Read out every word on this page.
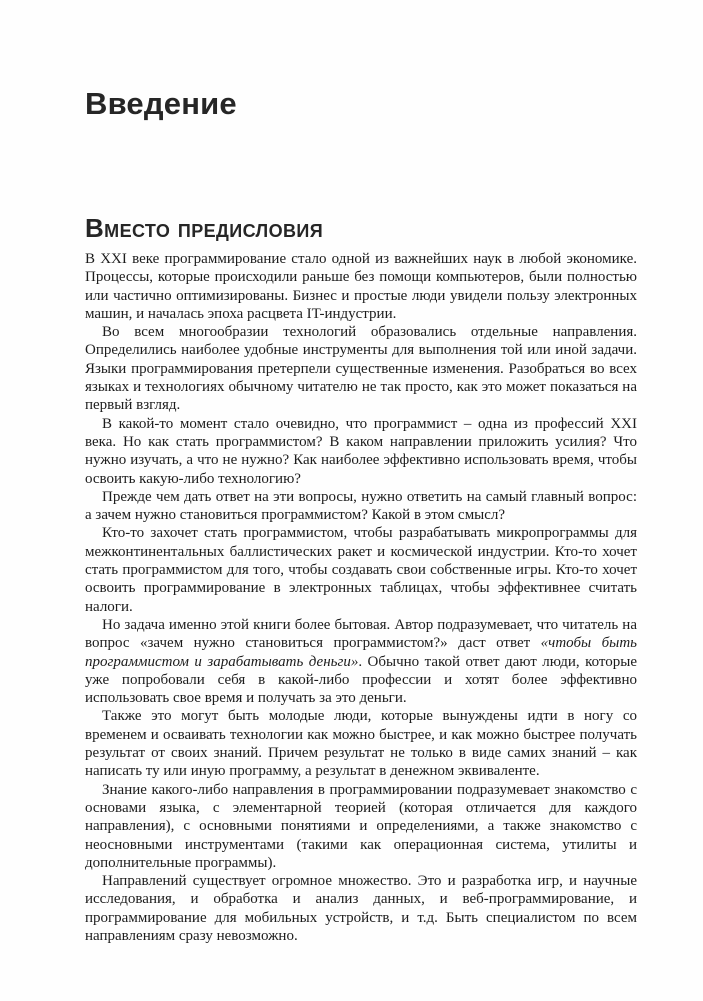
Введение
Вместо предисловия

В XXI веке программирование стало одной из важнейших наук в любой экономике. Процессы, которые происходили раньше без помощи компьютеров, были полностью или частично оптимизированы. Бизнес и простые люди увидели пользу электронных машин, и началась эпоха расцвета IT-индустрии.

Во всем многообразии технологий образовались отдельные направления. Определились наиболее удобные инструменты для выполнения той или иной задачи. Языки программирования претерпели существенные изменения. Разобраться во всех языках и технологиях обычному читателю не так просто, как это может показаться на первый взгляд.

В какой-то момент стало очевидно, что программист – одна из профессий XXI века. Но как стать программистом? В каком направлении приложить усилия? Что нужно изучать, а что не нужно? Как наиболее эффективно использовать время, чтобы освоить какую-либо технологию?

Прежде чем дать ответ на эти вопросы, нужно ответить на самый главный вопрос: а зачем нужно становиться программистом? Какой в этом смысл?

Кто-то захочет стать программистом, чтобы разрабатывать микропрограммы для межконтинентальных баллистических ракет и космической индустрии. Кто-то хочет стать программистом для того, чтобы создавать свои собственные игры. Кто-то хочет освоить программирование в электронных таблицах, чтобы эффективнее считать налоги.

Но задача именно этой книги более бытовая. Автор подразумевает, что читатель на вопрос «зачем нужно становиться программистом?» даст ответ «чтобы быть программистом и зарабатывать деньги». Обычно такой ответ дают люди, которые уже попробовали себя в какой-либо профессии и хотят более эффективно использовать свое время и получать за это деньги.

Также это могут быть молодые люди, которые вынуждены идти в ногу со временем и осваивать технологии как можно быстрее, и как можно быстрее получать результат от своих знаний. Причем результат не только в виде самих знаний – как написать ту или иную программу, а результат в денежном эквиваленте.

Знание какого-либо направления в программировании подразумевает знакомство с основами языка, с элементарной теорией (которая отличается для каждого направления), с основными понятиями и определениями, а также знакомство с неосновными инструментами (такими как операционная система, утилиты и дополнительные программы).

Направлений существует огромное множество. Это и разработка игр, и научные исследования, и обработка и анализ данных, и веб-программирование, и программирование для мобильных устройств, и т.д. Быть специалистом по всем направлениям сразу невозможно.
